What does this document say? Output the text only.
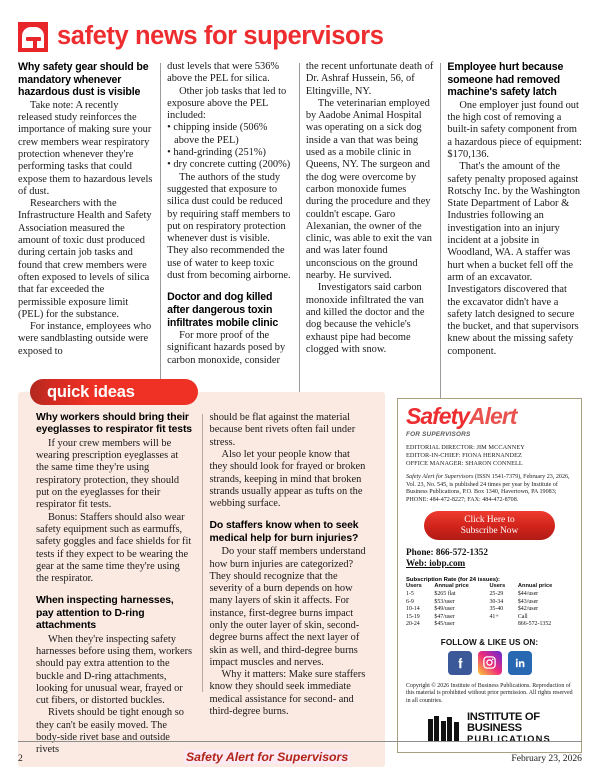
safety news for supervisors
Why safety gear should be mandatory whenever hazardous dust is visible

Take note: A recently released study reinforces the importance of making sure your crew members wear respiratory protection whenever they're performing tasks that could expose them to hazardous levels of dust.

Researchers with the Infrastructure Health and Safety Association measured the amount of toxic dust produced during certain job tasks and found that crew members were often exposed to levels of silica that far exceeded the permissible exposure limit (PEL) for the substance.

For instance, employees who were sandblasting outside were exposed to

dust levels that were 536% above the PEL for silica.

Other job tasks that led to exposure above the PEL included:

• chipping inside (506% above the PEL)
• hand-grinding (251%)
• dry concrete cutting (200%)

The authors of the study suggested that exposure to silica dust could be reduced by requiring staff members to put on respiratory protection whenever dust is visible. They also recommended the use of water to keep toxic dust from becoming airborne.

Doctor and dog killed after dangerous toxin infiltrates mobile clinic

For more proof of the significant hazards posed by carbon monoxide, consider

the recent unfortunate death of Dr. Ashraf Hussein, 56, of Eltingville, NY.

The veterinarian employed by Aadobe Animal Hospital was operating on a sick dog inside a van that was being used as a mobile clinic in Queens, NY. The surgeon and the dog were overcome by carbon monoxide fumes during the procedure and they couldn't escape. Garo Alexanian, the owner of the clinic, was able to exit the van and was later found unconscious on the ground nearby. He survived.

Investigators said carbon monoxide infiltrated the van and killed the doctor and the dog because the vehicle's exhaust pipe had become clogged with snow.

Employee hurt because someone had removed machine's safety latch

One employer just found out the high cost of removing a built-in safety component from a hazardous piece of equipment: $170,136.

That's the amount of the safety penalty proposed against Rotschy Inc. by the Washington State Department of Labor & Industries following an investigation into an injury incident at a jobsite in Woodland, WA. A staffer was hurt when a bucket fell off the arm of an excavator. Investigators discovered that the excavator didn't have a safety latch designed to secure the bucket, and that supervisors knew about the missing safety component.

quick ideas
Why workers should bring their eyeglasses to respirator fit tests

If your crew members will be wearing prescription eyeglasses at the same time they're using respiratory protection, they should put on the eyeglasses for their respirator fit tests.

Bonus: Staffers should also wear safety equipment such as earmuffs, safety goggles and face shields for fit tests if they expect to be wearing the gear at the same time they're using the respirator.

When inspecting harnesses, pay attention to D-ring attachments

When they're inspecting safety harnesses before using them, workers should pay extra attention to the buckle and D-ring attachments, looking for unusual wear, frayed or cut fibers, or distorted buckles.

Rivets should be tight enough so they can't be easily moved. The body-side rivet base and outside rivets

should be flat against the material because bent rivets often fail under stress.

Also let your people know that they should look for frayed or broken strands, keeping in mind that broken strands usually appear as tufts on the webbing surface.

Do staffers know when to seek medical help for burn injuries?

Do your staff members understand how burn injuries are categorized? They should recognize that the severity of a burn depends on how many layers of skin it affects. For instance, first-degree burns impact only the outer layer of skin, second-degree burns affect the next layer of skin as well, and third-degree burns impact muscles and nerves.

Why it matters: Make sure staffers know they should seek immediate medical assistance for second- and third-degree burns.

SafetyAlert
FOR SUPERVISORS
EDITORIAL DIRECTOR: JIM MCCANNEY
EDITOR-IN-CHIEF: FIONA HERNANDEZ
OFFICE MANAGER: SHARON CONNELL
Safety Alert for Supervisors (ISSN 1541-7379), February 23, 2026, Vol. 23, No. 545, is published 24 times per year by Institute of Business Publications, P.O. Box 1340, Havertown, PA 19083; PHONE: 484-472-8227; FAX: 484-472-8708.
Click Here to
Subscribe Now
Phone: 866-572-1352
Web: iobp.com
Subscription Rate (for 24 issues):
Users	Annual price	Users	Annual price
1-5	$265 flat	25-29	$44/user
6-9	$53/user	30-34	$43/user
10-14	$49/user	35-40	$42/user
15-19	$47/user	41+	Call
20-24	$45/user		866-572-1352
FOLLOW & LIKE US ON:
Copyright © 2026 Institute of Business Publications. Reproduction of this material is prohibited without prior permission. All rights reserved in all countries.
INSTITUTE OF
BUSINESS
PUBLICATIONS
2	Safety Alert for Supervisors	February 23, 2026
